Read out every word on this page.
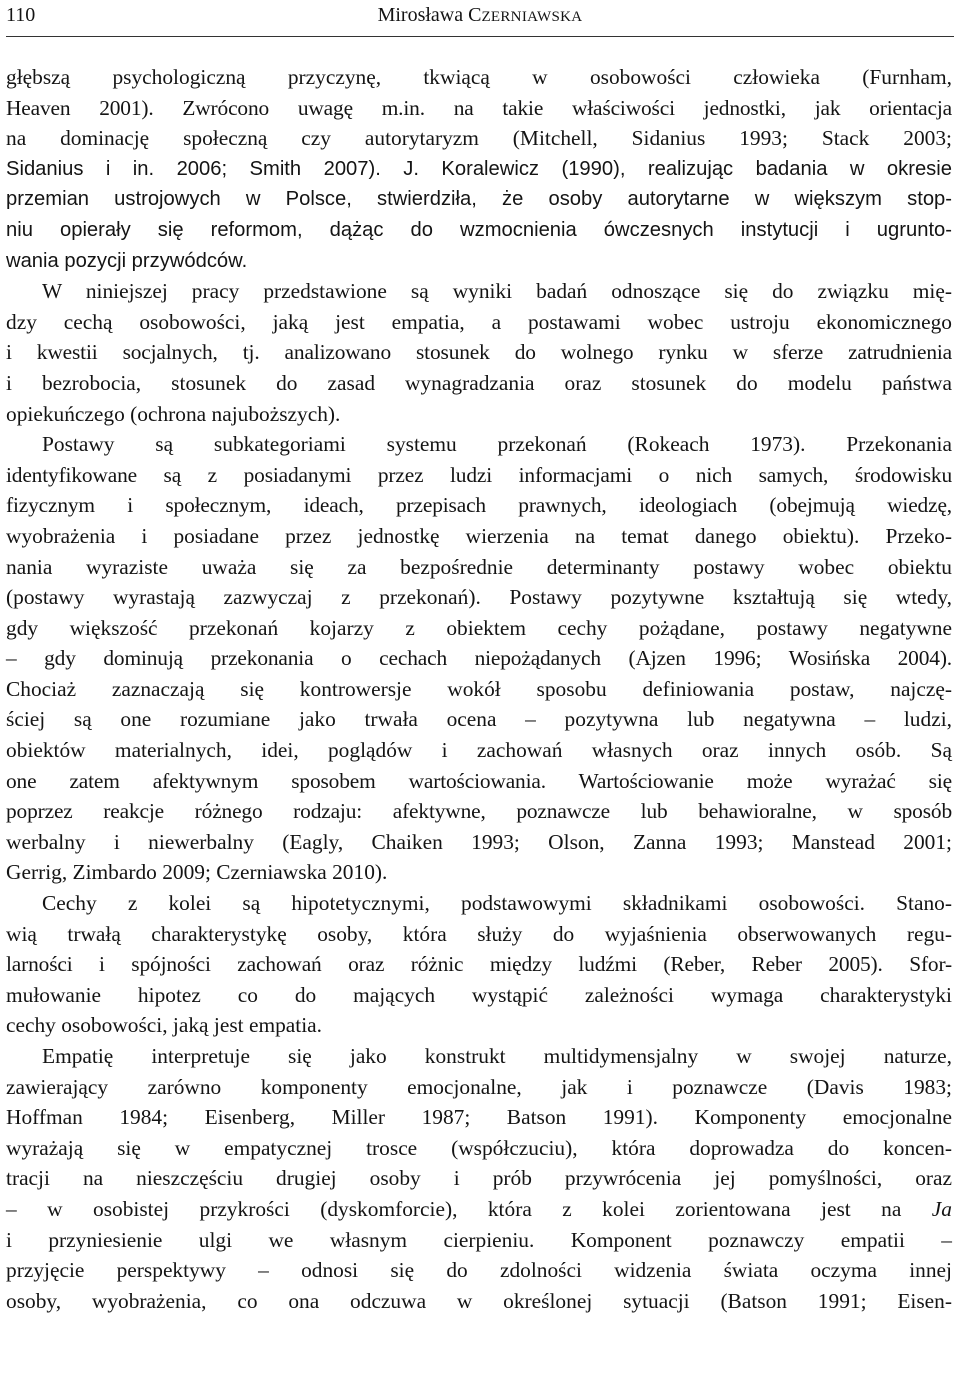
110	Mirosława CZERNIAWSKA

głębszą psychologiczną przyczynę, tkwiącą w osobowości człowieka (Furnham,

Heaven 2001). Zwrócono uwagę m.in. na takie właściwości jednostki, jak orientacja

na dominację społeczną czy autorytaryzm (Mitchell, Sidanius 1993; Stack 2003;

Sidanius i in. 2006; Smith 2007). J. Koralewicz (1990), realizując badania w okresie

przemian ustrojowych w Polsce, stwierdziła, że osoby autorytarne w większym stop-

niu opierały się reformom, dążąc do wzmocnienia ówczesnych instytucji i ugrunto-

wania pozycji przywódców.

W niniejszej pracy przedstawione są wyniki badań odnoszące się do związku mię-

dzy cechą osobowości, jaką jest empatia, a postawami wobec ustroju ekonomicznego

i kwestii socjalnych, tj. analizowano stosunek do wolnego rynku w sferze zatrudnienia

i bezrobocia, stosunek do zasad wynagradzania oraz stosunek do modelu państwa

opiekuńczego (ochrona najuboższych).

Postawy są subkategoriami systemu przekonań (Rokeach 1973). Przekonania

identyfikowane są z posiadanymi przez ludzi informacjami o nich samych, środowisku

fizycznym i społecznym, ideach, przepisach prawnych, ideologiach (obejmują wiedzę,

wyobrażenia i posiadane przez jednostkę wierzenia na temat danego obiektu). Przeko-

nania wyraziste uważa się za bezpośrednie determinanty postawy wobec obiektu

(postawy wyrastają zazwyczaj z przekonań). Postawy pozytywne kształtują się wtedy,

gdy większość przekonań kojarzy z obiektem cechy pożądane, postawy negatywne

– gdy dominują przekonania o cechach niepożądanych (Ajzen 1996; Wosińska 2004).

Chociaż zaznaczają się kontrowersje wokół sposobu definiowania postaw, najczę-

ściej są one rozumiane jako trwała ocena – pozytywna lub negatywna – ludzi,

obiektów materialnych, idei, poglądów i zachowań własnych oraz innych osób. Są

one zatem afektywnym sposobem wartościowania. Wartościowanie może wyrażać się

poprzez reakcje różnego rodzaju: afektywne, poznawcze lub behawioralne, w sposób

werbalny i niewerbalny (Eagly, Chaiken 1993; Olson, Zanna 1993; Manstead 2001;

Gerrig, Zimbardo 2009; Czerniawska 2010).

Cechy z kolei są hipotetycznymi, podstawowymi składnikami osobowości. Stano-

wią trwałą charakterystykę osoby, która służy do wyjaśnienia obserwowanych regu-

larności i spójności zachowań oraz różnic między ludźmi (Reber, Reber 2005). Sfor-

mułowanie hipotez co do mających wystąpić zależności wymaga charakterystyki

cechy osobowości, jaką jest empatia.

Empatię interpretuje się jako konstrukt multidymensjalny w swojej naturze,

zawierający zarówno komponenty emocjonalne, jak i poznawcze (Davis 1983;

Hoffman 1984; Eisenberg, Miller 1987; Batson 1991). Komponenty emocjonalne

wyrażają się w empatycznej trosce (współczuciu), która doprowadza do koncen-

tracji na nieszczęściu drugiej osoby i prób przywrócenia jej pomyślności, oraz

– w osobistej przykrości (dyskomforcie), która z kolei zorientowana jest na Ja

i przyniesienie ulgi we własnym cierpieniu. Komponent poznawczy empatii –

przyjęcie perspektywy – odnosi się do zdolności widzenia świata oczyma innej

osoby, wyobrażenia, co ona odczuwa w określonej sytuacji (Batson 1991; Eisen-
